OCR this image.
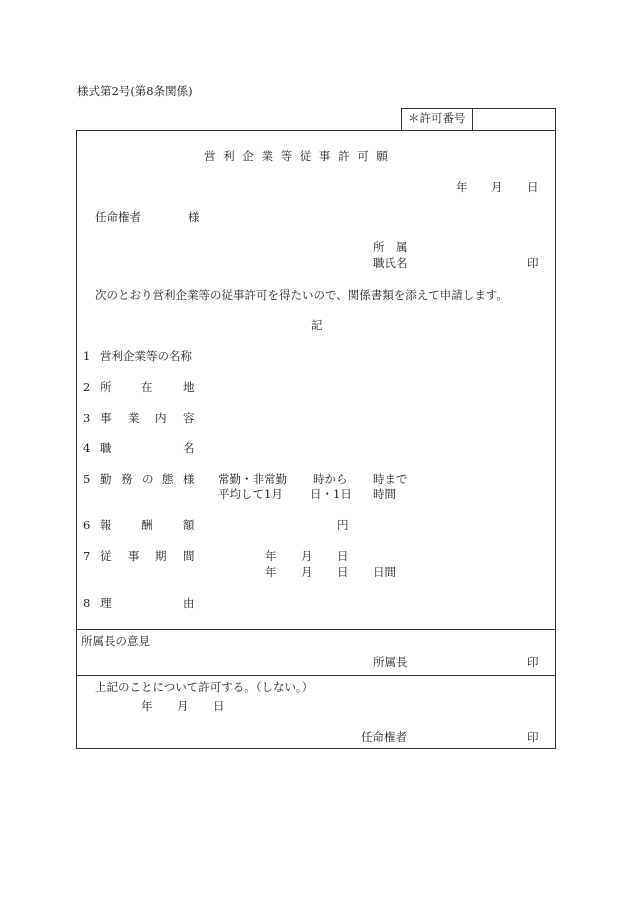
様式第2号(第8条関係)
＊許可番号
営 利 企 業 等 従 事 許 可 願
年 月 日
任命権者	様
所　属
職氏名	印
次のとおり営利企業等の従事許可を得たいので、関係書類を添えて申請します。
記
1 営利企業等の名称
2 所	在	地
3 事 業 内 容
4 職	名
5 勤 務 の 態 様 常勤・非常勤 時から 時まで
平均して1月 日・1日 時間
6 報	酬	額	円
7 従 事 期 間	年 月 日
年 月 日 日間
8 理	由
所属長の意見
所属長	印
上記のことについて許可する。（しない。）
年 月 日
任命権者	印
